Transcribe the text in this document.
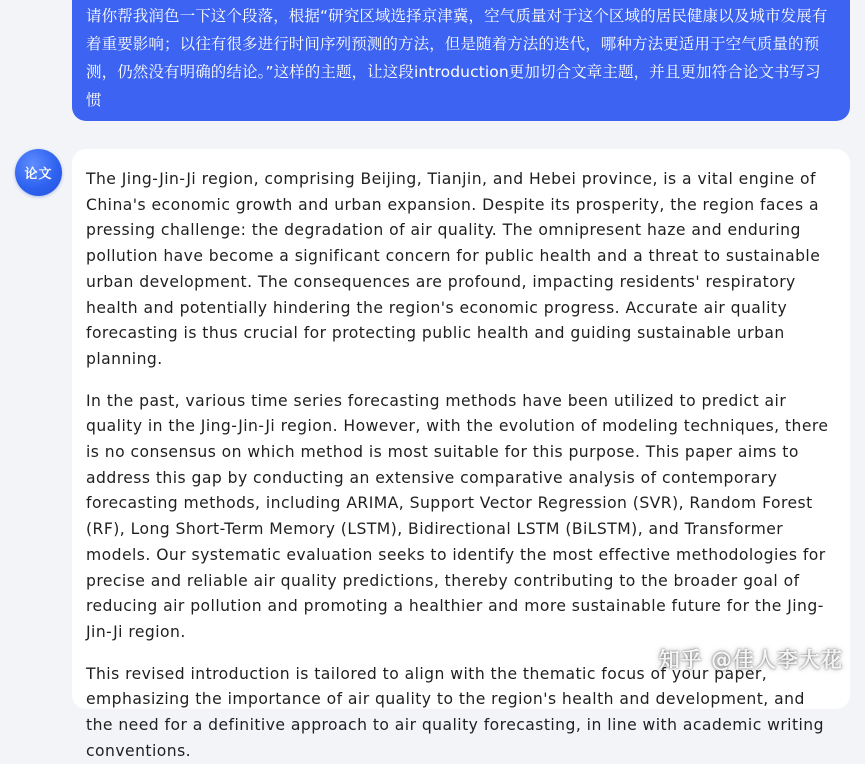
请你帮我润色一下这个段落，根据“研究区域选择京津冀，空气质量对于这个区域的居民健康以及城市发展有着重要影响；以往有很多进行时间序列预测的方法，但是随着方法的迭代，哪种方法更适用于空气质量的预测，仍然没有明确的结论。”这样的主题，让这段introduction更加切合文章主题，并且更加符合论文书写习惯
论文 The Jing-Jin-Ji region, comprising Beijing, Tianjin, and Hebei province, is a vital engine of China's economic growth and urban expansion. Despite its prosperity, the region faces a pressing challenge: the degradation of air quality. The omnipresent haze and enduring pollution have become a significant concern for public health and a threat to sustainable urban development. The consequences are profound, impacting residents' respiratory health and potentially hindering the region's economic progress. Accurate air quality forecasting is thus crucial for protecting public health and guiding sustainable urban planning.

In the past, various time series forecasting methods have been utilized to predict air quality in the Jing-Jin-Ji region. However, with the evolution of modeling techniques, there is no consensus on which method is most suitable for this purpose. This paper aims to address this gap by conducting an extensive comparative analysis of contemporary forecasting methods, including ARIMA, Support Vector Regression (SVR), Random Forest (RF), Long Short-Term Memory (LSTM), Bidirectional LSTM (BiLSTM), and Transformer models. Our systematic evaluation seeks to identify the most effective methodologies for precise and reliable air quality predictions, thereby contributing to the broader goal of reducing air pollution and promoting a healthier and more sustainable future for the Jing-Jin-Ji region.

This revised introduction is tailored to align with the thematic focus of your paper, emphasizing the importance of air quality to the region's health and development, and the need for a definitive approach to air quality forecasting, in line with academic writing conventions.

知乎 @佳人李大花
